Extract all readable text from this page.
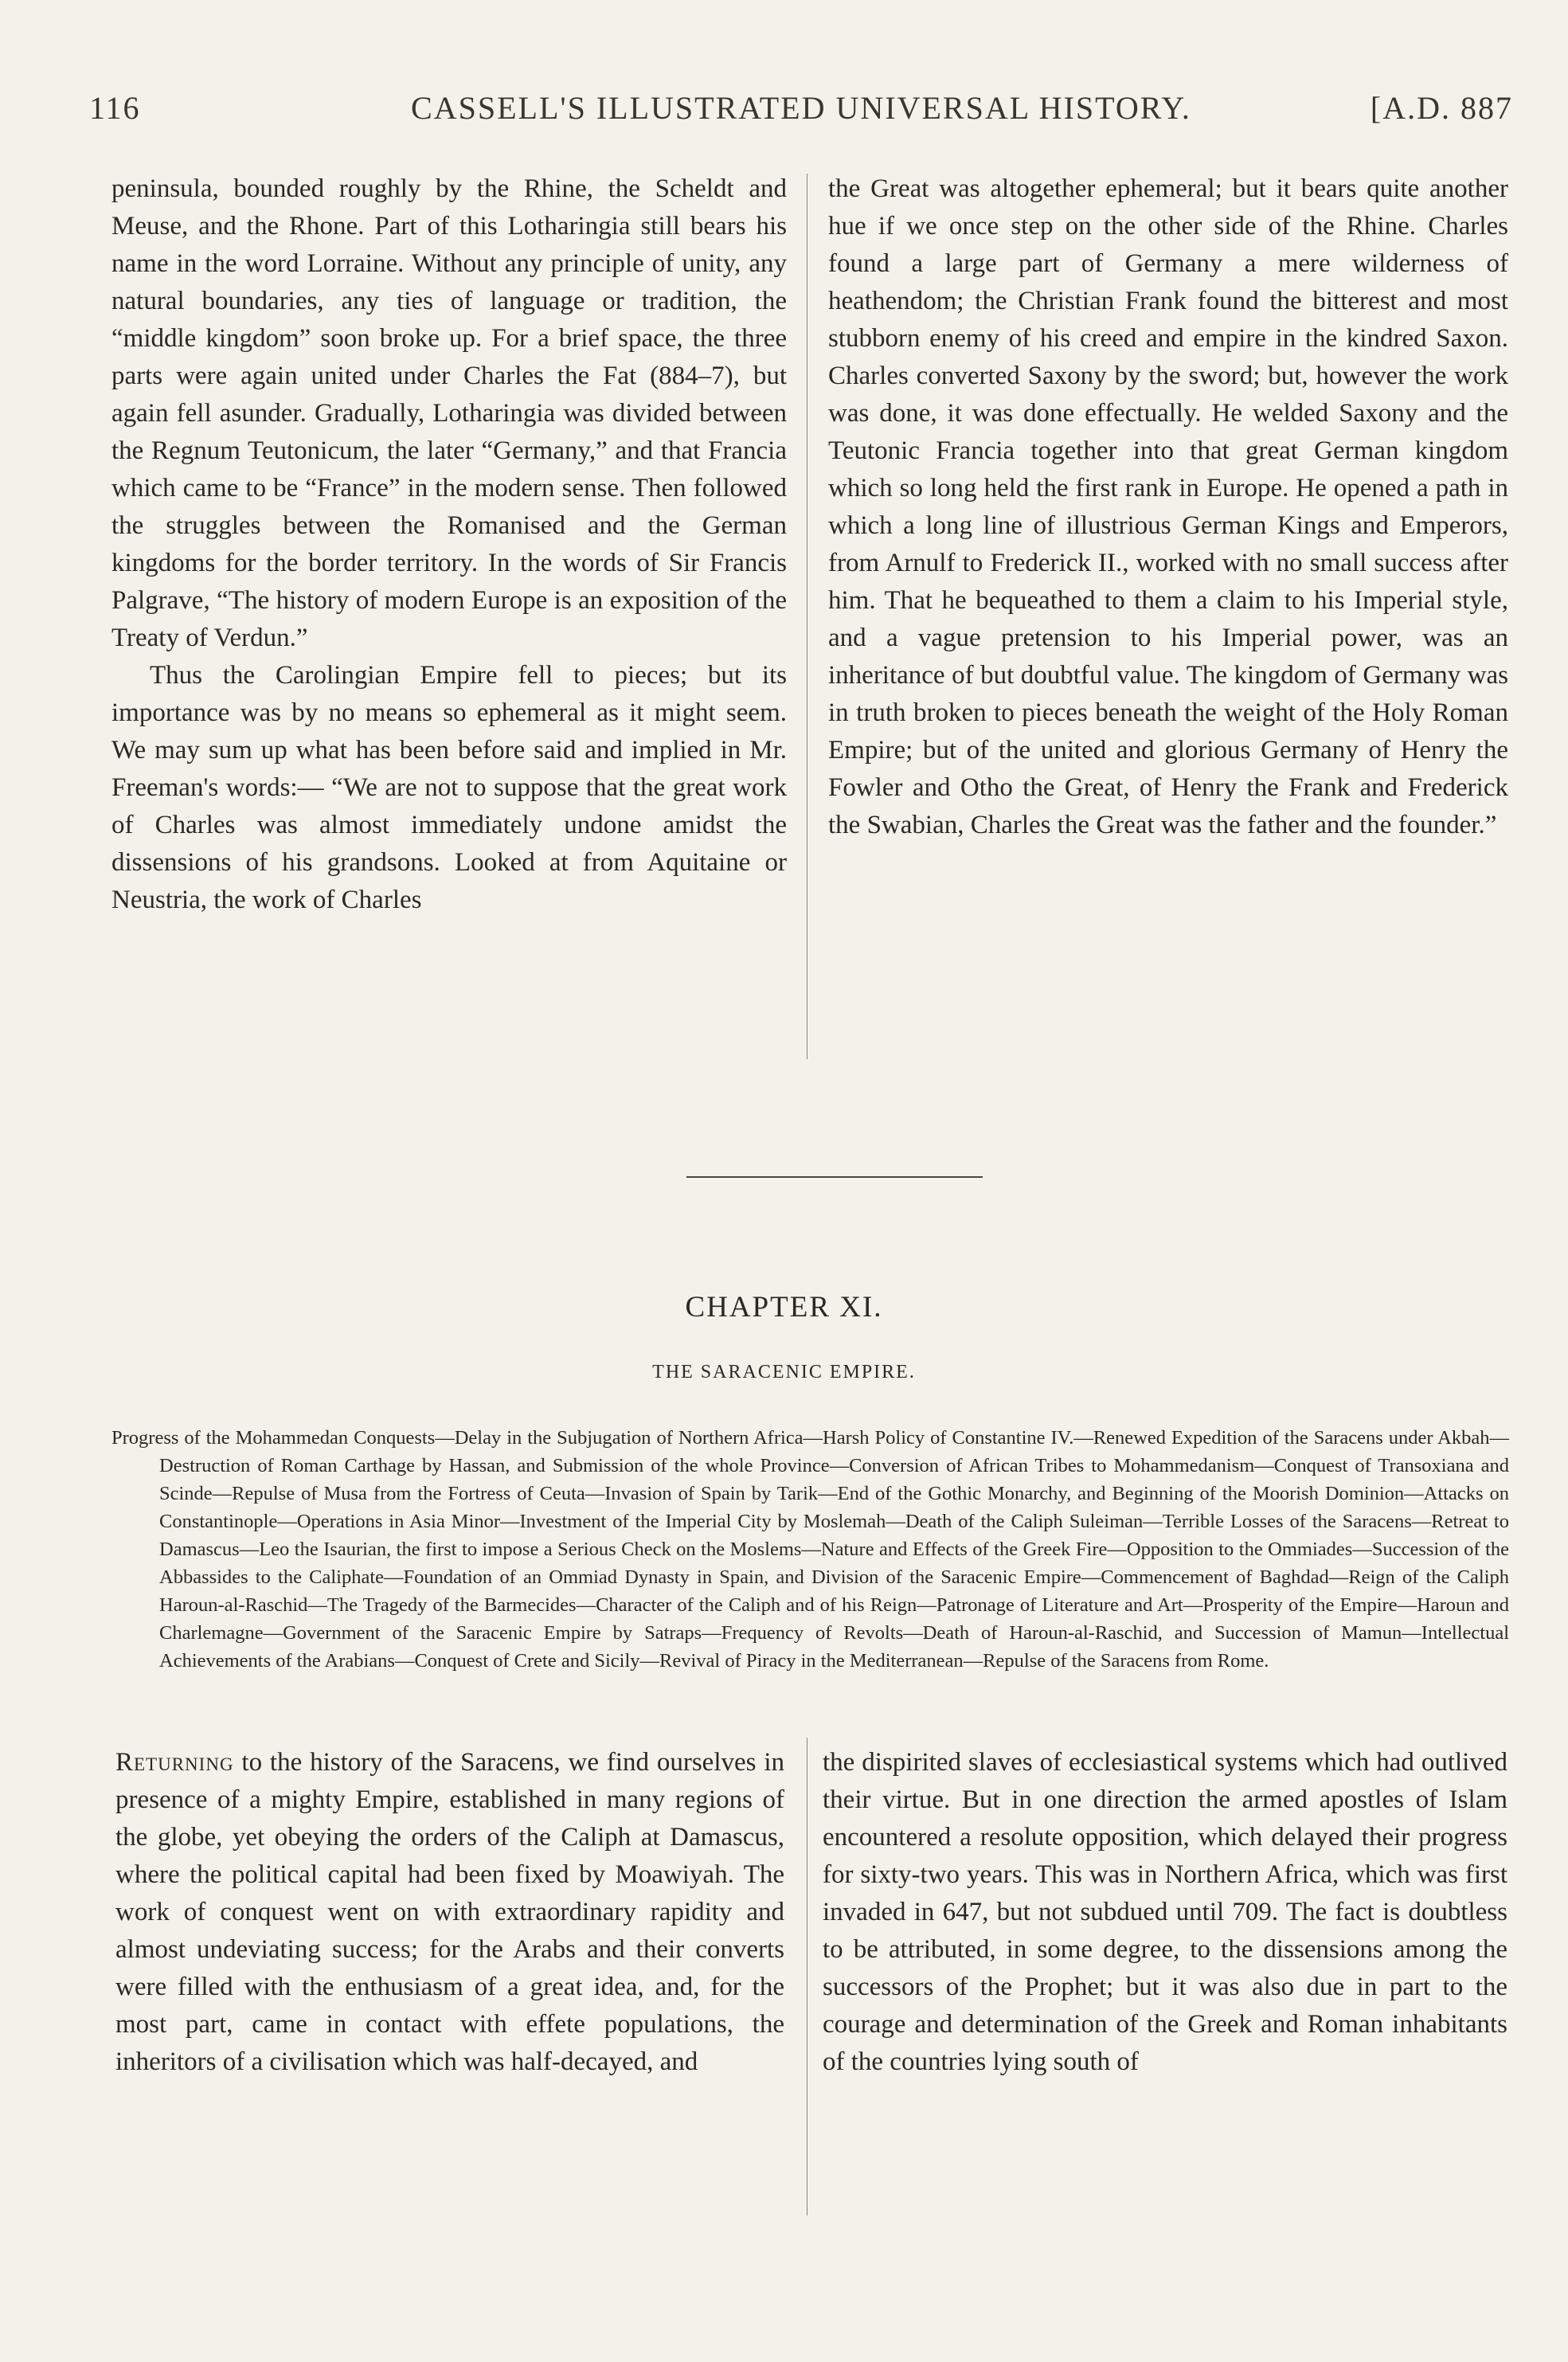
116	CASSELL'S ILLUSTRATED UNIVERSAL HISTORY.	[A.D. 887

peninsula, bounded roughly by the Rhine, the Scheldt and Meuse, and the Rhone. Part of this Lotharingia still bears his name in the word Lorraine. Without any principle of unity, any natural boundaries, any ties of language or tradition, the “middle kingdom” soon broke up. For a brief space, the three parts were again united under Charles the Fat (884–7), but again fell asunder. Gradually, Lotharingia was divided between the Regnum Teutonicum, the later “Germany,” and that Francia which came to be “France” in the modern sense. Then followed the struggles between the Romanised and the German kingdoms for the border territory. In the words of Sir Francis Palgrave, “The history of modern Europe is an exposition of the Treaty of Verdun.”

Thus the Carolingian Empire fell to pieces; but its importance was by no means so ephemeral as it might seem. We may sum up what has been before said and implied in Mr. Freeman's words:— “We are not to suppose that the great work of Charles was almost immediately undone amidst the dissensions of his grandsons. Looked at from Aquitaine or Neustria, the work of Charles

the Great was altogether ephemeral; but it bears quite another hue if we once step on the other side of the Rhine. Charles found a large part of Germany a mere wilderness of heathendom; the Christian Frank found the bitterest and most stubborn enemy of his creed and empire in the kindred Saxon. Charles converted Saxony by the sword; but, however the work was done, it was done effectually. He welded Saxony and the Teutonic Francia together into that great German kingdom which so long held the first rank in Europe. He opened a path in which a long line of illustrious German Kings and Emperors, from Arnulf to Frederick II., worked with no small success after him. That he bequeathed to them a claim to his Imperial style, and a vague pretension to his Imperial power, was an inheritance of but doubtful value. The kingdom of Germany was in truth broken to pieces beneath the weight of the Holy Roman Empire; but of the united and glorious Germany of Henry the Fowler and Otho the Great, of Henry the Frank and Frederick the Swabian, Charles the Great was the father and the founder.”

CHAPTER XI.
THE SARACENIC EMPIRE.
Progress of the Mohammedan Conquests—Delay in the Subjugation of Northern Africa—Harsh Policy of Constantine IV.—Renewed Expedition of the Saracens under Akbah—Destruction of Roman Carthage by Hassan, and Submission of the whole Province—Conversion of African Tribes to Mohammedanism—Conquest of Transoxiana and Scinde—Repulse of Musa from the Fortress of Ceuta—Invasion of Spain by Tarik—End of the Gothic Monarchy, and Beginning of the Moorish Dominion—Attacks on Constantinople—Operations in Asia Minor—Investment of the Imperial City by Moslemah—Death of the Caliph Suleiman—Terrible Losses of the Saracens—Retreat to Damascus—Leo the Isaurian, the first to impose a Serious Check on the Moslems—Nature and Effects of the Greek Fire—Opposition to the Ommiades—Succession of the Abbassides to the Caliphate—Foundation of an Ommiad Dynasty in Spain, and Division of the Saracenic Empire—Commencement of Baghdad—Reign of the Caliph Haroun-al-Raschid—The Tragedy of the Barmecides—Character of the Caliph and of his Reign—Patronage of Literature and Art—Prosperity of the Empire—Haroun and Charlemagne—Government of the Saracenic Empire by Satraps—Frequency of Revolts—Death of Haroun-al-Raschid, and Succession of Mamun—Intellectual Achievements of the Arabians—Conquest of Crete and Sicily—Revival of Piracy in the Mediterranean—Repulse of the Saracens from Rome.

Returning to the history of the Saracens, we find ourselves in presence of a mighty Empire, established in many regions of the globe, yet obeying the orders of the Caliph at Damascus, where the political capital had been fixed by Moawiyah. The work of conquest went on with extraordinary rapidity and almost undeviating success; for the Arabs and their converts were filled with the enthusiasm of a great idea, and, for the most part, came in contact with effete populations, the inheritors of a civilisation which was half-decayed, and

the dispirited slaves of ecclesiastical systems which had outlived their virtue. But in one direction the armed apostles of Islam encountered a resolute opposition, which delayed their progress for sixty-two years. This was in Northern Africa, which was first invaded in 647, but not subdued until 709. The fact is doubtless to be attributed, in some degree, to the dissensions among the successors of the Prophet; but it was also due in part to the courage and determination of the Greek and Roman inhabitants of the countries lying south of
